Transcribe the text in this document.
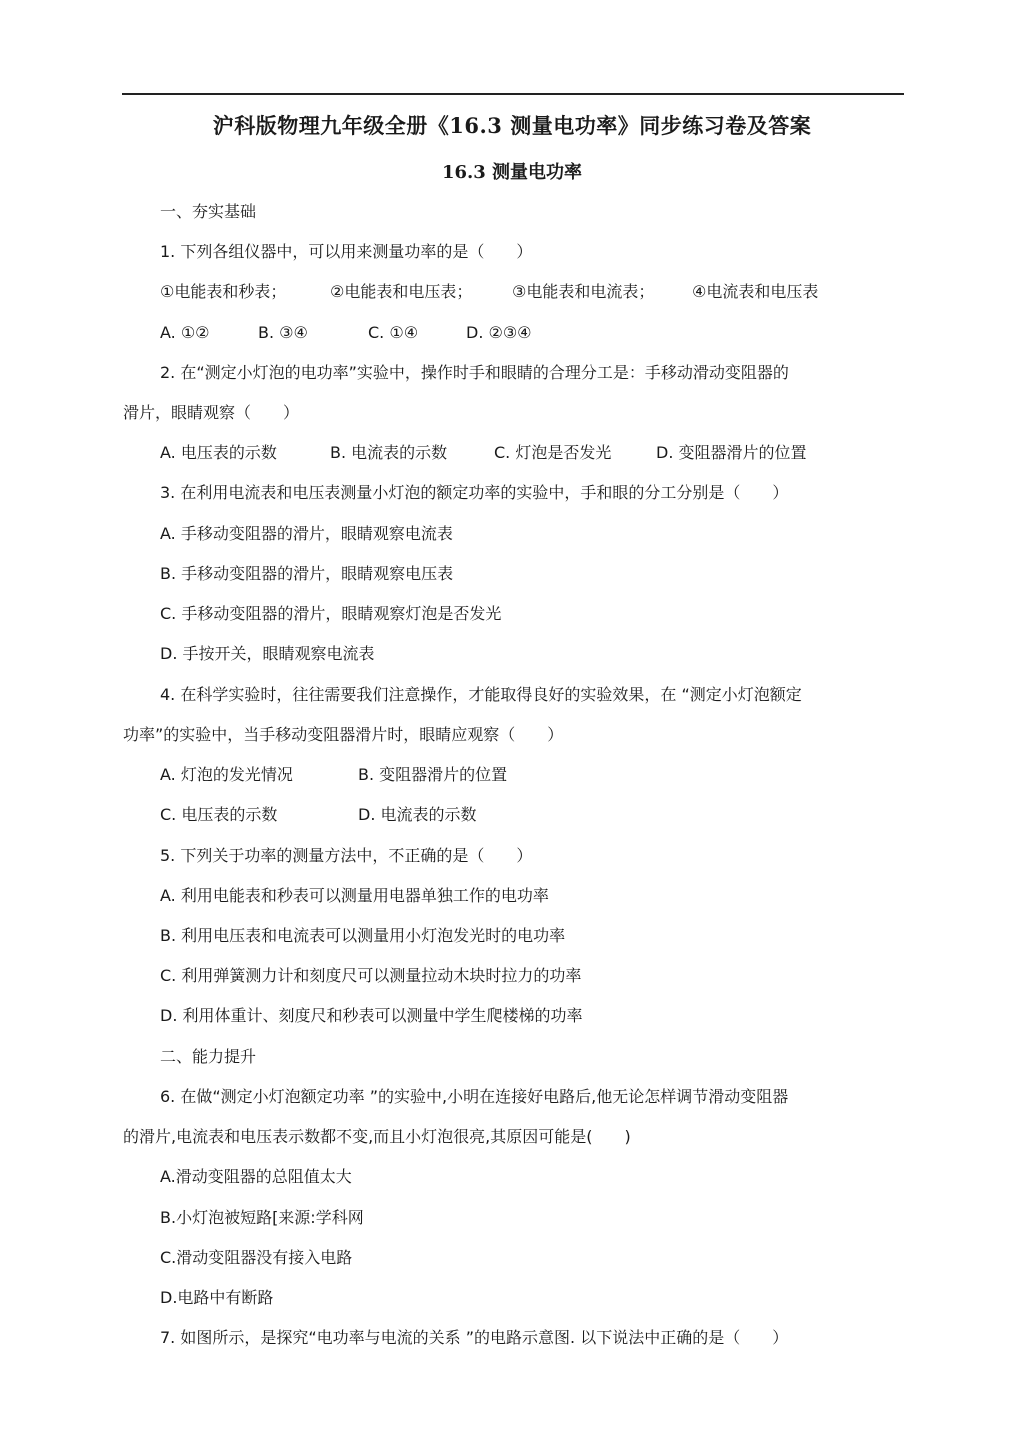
沪科版物理九年级全册《16.3 测量电功率》同步练习卷及答案
16.3 测量电功率
一、夯实基础
1. 下列各组仪器中，可以用来测量功率的是（　　）
①电能表和秒表；	②电能表和电压表； ③电能表和电流表； ④电流表和电压表
A. ①②	B. ③④	C. ①④	D. ②③④
2. 在“测定小灯泡的电功率”实验中，操作时手和眼睛的合理分工是：手移动滑动变阻器的
滑片，眼睛观察（　　）
A. 电压表的示数	B. 电流表的示数	C. 灯泡是否发光	D. 变阻器滑片的位置
3. 在利用电流表和电压表测量小灯泡的额定功率的实验中，手和眼的分工分别是（　　）
A. 手移动变阻器的滑片，眼睛观察电流表
B. 手移动变阻器的滑片，眼睛观察电压表
C. 手移动变阻器的滑片，眼睛观察灯泡是否发光
D. 手按开关，眼睛观察电流表
4. 在科学实验时，往往需要我们注意操作，才能取得良好的实验效果，在 “测定小灯泡额定
功率”的实验中，当手移动变阻器滑片时，眼睛应观察（　　）
A. 灯泡的发光情况	B. 变阻器滑片的位置
C. 电压表的示数	D. 电流表的示数
5. 下列关于功率的测量方法中，不正确的是（　　）
A. 利用电能表和秒表可以测量用电器单独工作的电功率
B. 利用电压表和电流表可以测量用小灯泡发光时的电功率
C. 利用弹簧测力计和刻度尺可以测量拉动木块时拉力的功率
D. 利用体重计、刻度尺和秒表可以测量中学生爬楼梯的功率
二、能力提升
6. 在做“测定小灯泡额定功率 ”的实验中,小明在连接好电路后,他无论怎样调节滑动变阻器
的滑片,电流表和电压表示数都不变,而且小灯泡很亮,其原因可能是(　　)
A.滑动变阻器的总阻值太大
B.小灯泡被短路[来源:学科网
C.滑动变阻器没有接入电路
D.电路中有断路
7. 如图所示，是探究“电功率与电流的关系 ”的电路示意图. 以下说法中正确的是（　　）
